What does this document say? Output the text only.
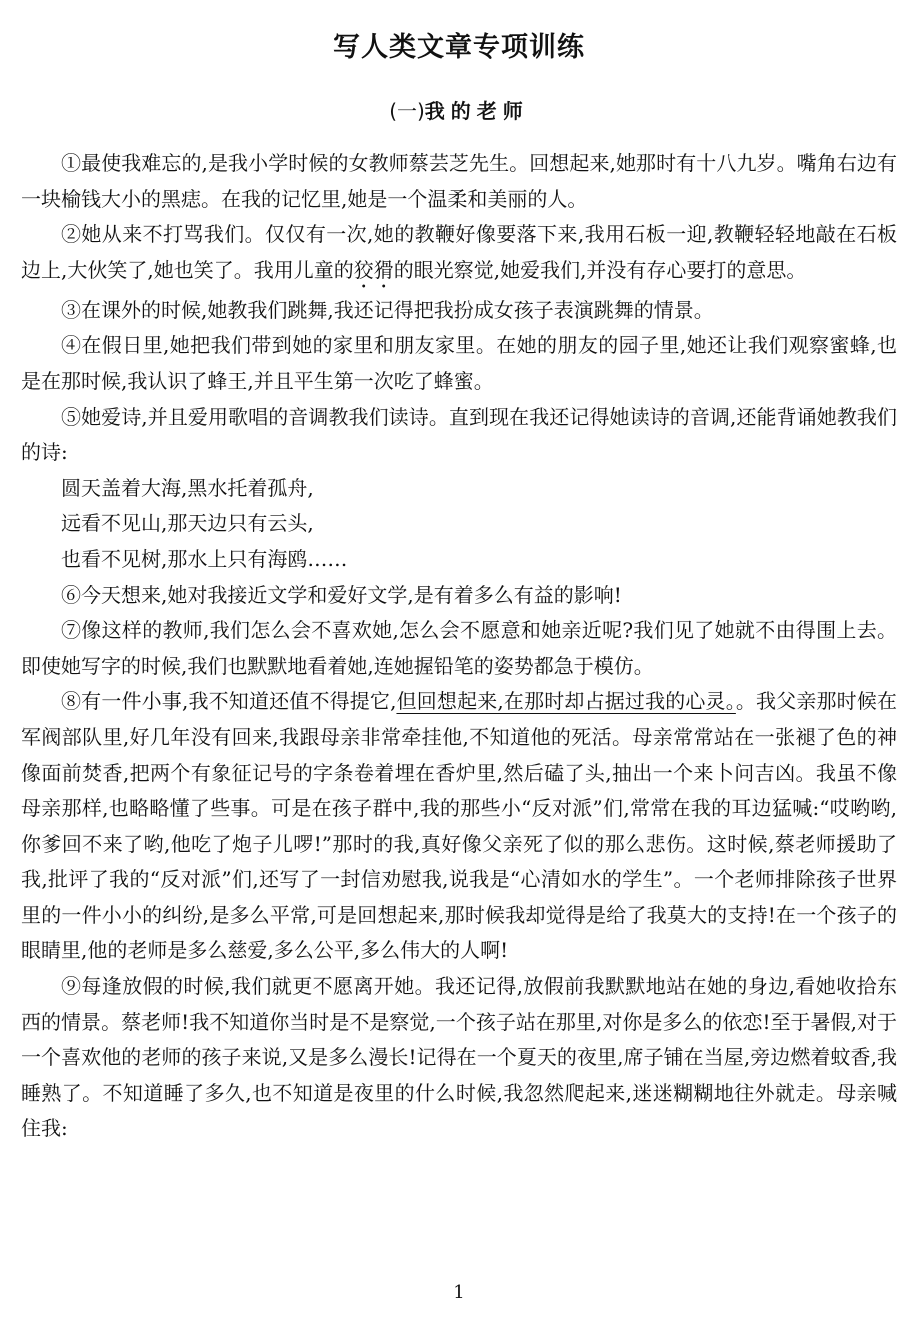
写人类文章专项训练
(一)我的老师

①最使我难忘的,是我小学时候的女教师蔡芸芝先生。回想起来,她那时有十八九岁。嘴角右边有一块榆钱大小的黑痣。在我的记忆里,她是一个温柔和美丽的人。

②她从来不打骂我们。仅仅有一次,她的教鞭好像要落下来,我用石板一迎,教鞭轻轻地敲在石板边上,大伙笑了,她也笑了。我用儿童的狡猾的眼光察觉,她爱我们,并没有存心要打的意思。

③在课外的时候,她教我们跳舞,我还记得把我扮成女孩子表演跳舞的情景。

④在假日里,她把我们带到她的家里和朋友家里。在她的朋友的园子里,她还让我们观察蜜蜂,也是在那时候,我认识了蜂王,并且平生第一次吃了蜂蜜。

⑤她爱诗,并且爱用歌唱的音调教我们读诗。直到现在我还记得她读诗的音调,还能背诵她教我们的诗:

圆天盖着大海,黑水托着孤舟,

远看不见山,那天边只有云头,

也看不见树,那水上只有海鸥……

⑥今天想来,她对我接近文学和爱好文学,是有着多么有益的影响!

⑦像这样的教师,我们怎么会不喜欢她,怎么会不愿意和她亲近呢?我们见了她就不由得围上去。即使她写字的时候,我们也默默地看着她,连她握铅笔的姿势都急于模仿。

⑧有一件小事,我不知道还值不得提它,但回想起来,在那时却占据过我的心灵。。我父亲那时候在军阀部队里,好几年没有回来,我跟母亲非常牵挂他,不知道他的死活。母亲常常站在一张褪了色的神像面前焚香,把两个有象征记号的字条卷着埋在香炉里,然后磕了头,抽出一个来卜问吉凶。我虽不像母亲那样,也略略懂了些事。可是在孩子群中,我的那些小“反对派”们,常常在我的耳边猛喊:“哎哟哟,你爹回不来了哟,他吃了炮子儿啰!”那时的我,真好像父亲死了似的那么悲伤。这时候,蔡老师援助了我,批评了我的“反对派”们,还写了一封信劝慰我,说我是“心清如水的学生”。一个老师排除孩子世界里的一件小小的纠纷,是多么平常,可是回想起来,那时候我却觉得是给了我莫大的支持!在一个孩子的眼睛里,他的老师是多么慈爱,多么公平,多么伟大的人啊!

⑨每逢放假的时候,我们就更不愿离开她。我还记得,放假前我默默地站在她的身边,看她收拾东西的情景。蔡老师!我不知道你当时是不是察觉,一个孩子站在那里,对你是多么的依恋!至于暑假,对于一个喜欢他的老师的孩子来说,又是多么漫长!记得在一个夏天的夜里,席子铺在当屋,旁边燃着蚊香,我睡熟了。不知道睡了多久,也不知道是夜里的什么时候,我忽然爬起来,迷迷糊糊地往外就走。母亲喊住我:

1
